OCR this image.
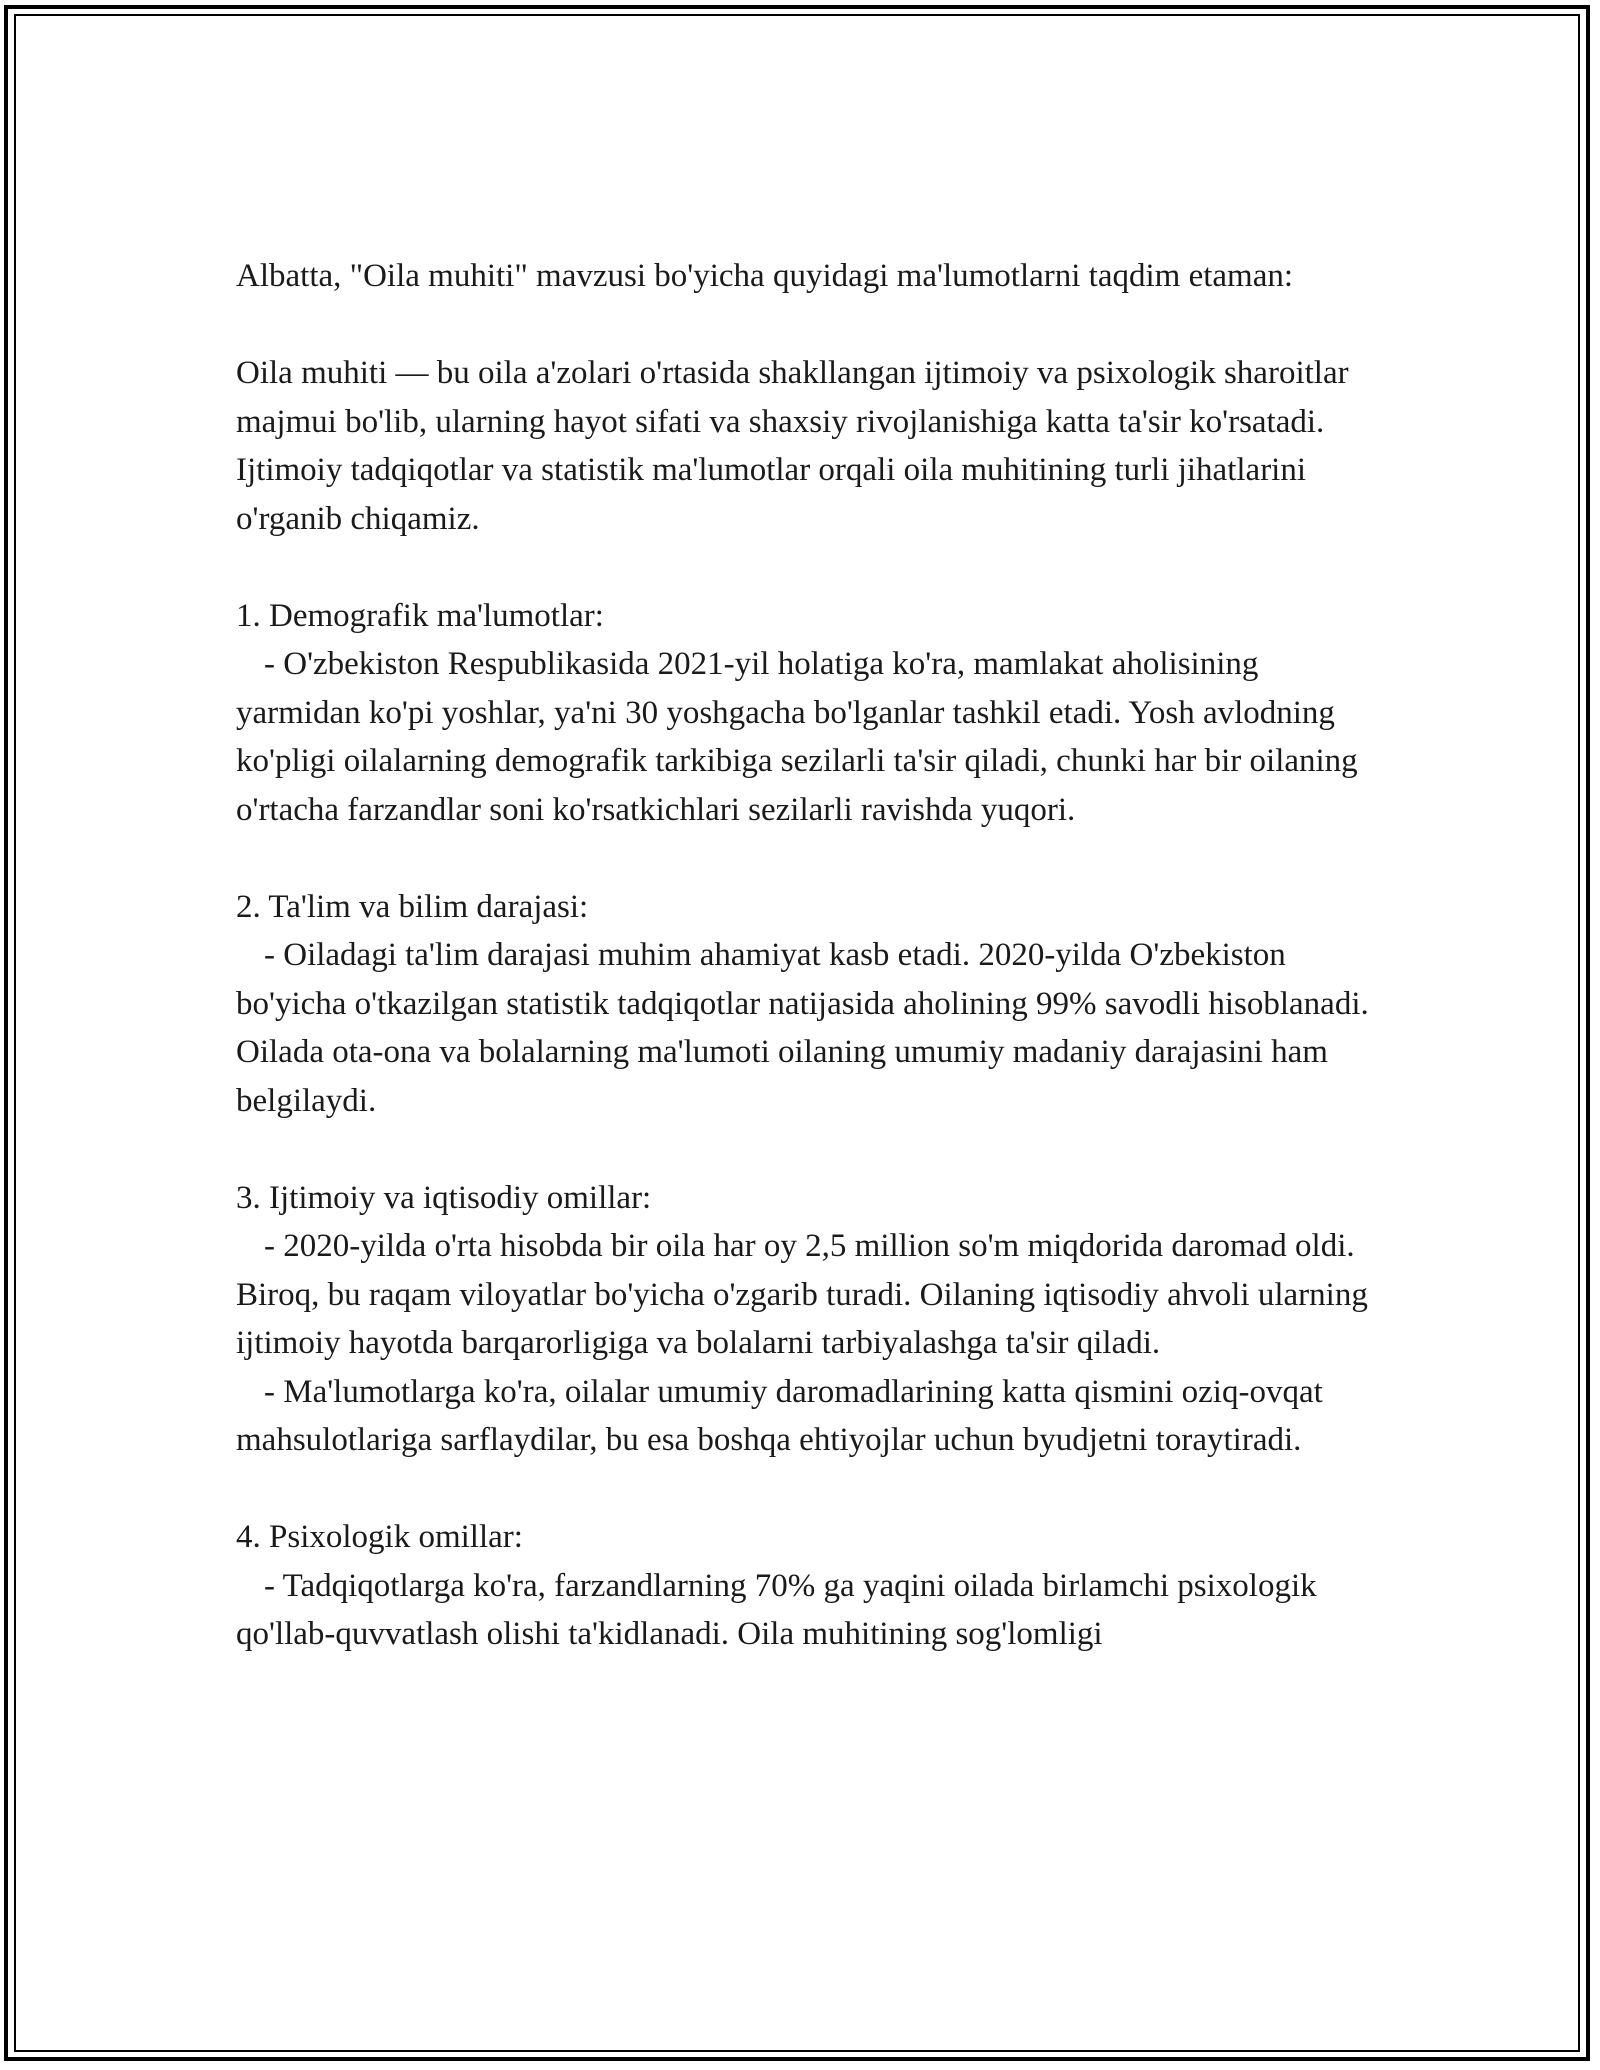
Albatta, "Oila muhiti" mavzusi bo'yicha quyidagi ma'lumotlarni taqdim etaman:

Oila muhiti — bu oila a'zolari o'rtasida shakllangan ijtimoiy va psixologik sharoitlar majmui bo'lib, ularning hayot sifati va shaxsiy rivojlanishiga katta ta'sir ko'rsatadi. Ijtimoiy tadqiqotlar va statistik ma'lumotlar orqali oila muhitining turli jihatlarini o'rganib chiqamiz.

1. Demografik ma'lumotlar:

- O'zbekiston Respublikasida 2021-yil holatiga ko'ra, mamlakat aholisining yarmidan ko'pi yoshlar, ya'ni 30 yoshgacha bo'lganlar tashkil etadi. Yosh avlodning ko'pligi oilalarning demografik tarkibiga sezilarli ta'sir qiladi, chunki har bir oilaning o'rtacha farzandlar soni ko'rsatkichlari sezilarli ravishda yuqori.

2. Ta'lim va bilim darajasi:

- Oiladagi ta'lim darajasi muhim ahamiyat kasb etadi. 2020-yilda O'zbekiston bo'yicha o'tkazilgan statistik tadqiqotlar natijasida aholining 99% savodli hisoblanadi. Oilada ota-ona va bolalarning ma'lumoti oilaning umumiy madaniy darajasini ham belgilaydi.

3. Ijtimoiy va iqtisodiy omillar:

- 2020-yilda o'rta hisobda bir oila har oy 2,5 million so'm miqdorida daromad oldi. Biroq, bu raqam viloyatlar bo'yicha o'zgarib turadi. Oilaning iqtisodiy ahvoli ularning ijtimoiy hayotda barqarorligiga va bolalarni tarbiyalashga ta'sir qiladi.

- Ma'lumotlarga ko'ra, oilalar umumiy daromadlarining katta qismini oziq-ovqat mahsulotlariga sarflaydilar, bu esa boshqa ehtiyojlar uchun byudjetni toraytiradi.

4. Psixologik omillar:

- Tadqiqotlarga ko'ra, farzandlarning 70% ga yaqini oilada birlamchi psixologik qo'llab-quvvatlash olishi ta'kidlanadi. Oila muhitining sog'lomligi
